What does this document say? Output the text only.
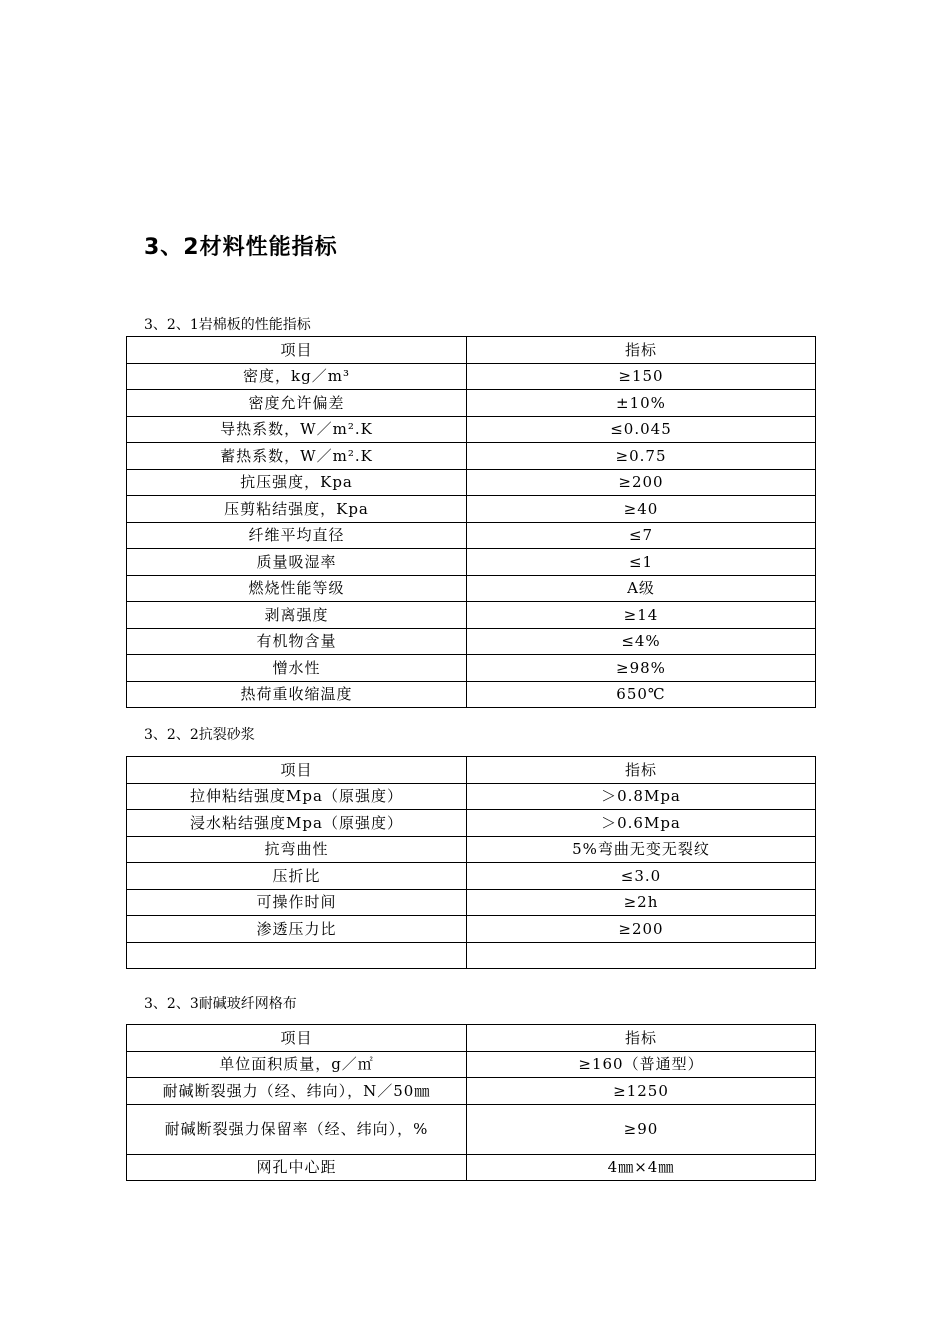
3、2材料性能指标
3、2、1岩棉板的性能指标
项目	指标
密度，kg／m³	≥150
密度允许偏差	±10%
导热系数，W／m².K	≤0.045
蓄热系数，W／m².K	≥0.75
抗压强度，Kpa	≥200
压剪粘结强度，Kpa	≥40
纤维平均直径	≤7
质量吸湿率	≤1
燃烧性能等级	A级
剥离强度	≥14
有机物含量	≤4%
憎水性	≥98%
热荷重收缩温度	650℃
3、2、2抗裂砂浆
项目	指标
拉伸粘结强度Mpa（原强度）	＞0.8Mpa
浸水粘结强度Mpa（原强度）	＞0.6Mpa
抗弯曲性	5%弯曲无变无裂纹
压折比	≤3.0
可操作时间	≥2h
渗透压力比	≥200

3、2、3耐碱玻纤网格布
项目	指标
单位面积质量，g／㎡	≥160（普通型）
耐碱断裂强力（经、纬向），N／50㎜	≥1250
耐碱断裂强力保留率（经、纬向），%	≥90
网孔中心距	4㎜×4㎜
